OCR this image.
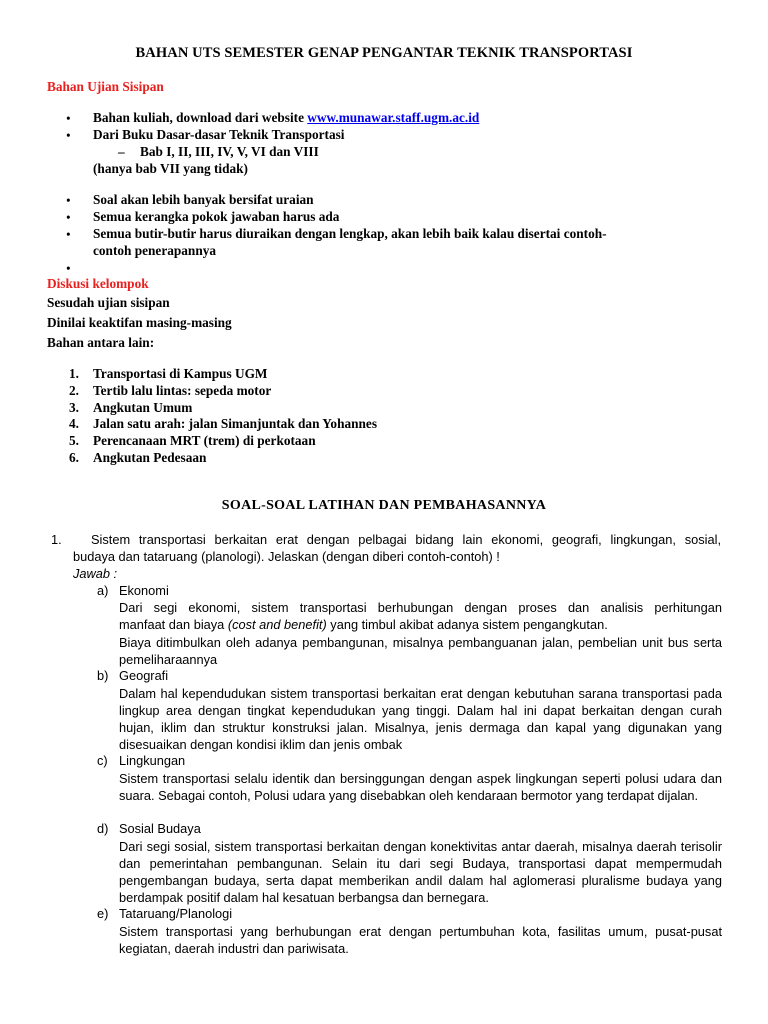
BAHAN UTS SEMESTER GENAP PENGANTAR TEKNIK TRANSPORTASI
Bahan Ujian Sisipan
• Bahan kuliah, download dari website www.munawar.staff.ugm.ac.id
• Dari Buku Dasar-dasar Teknik Transportasi
– Bab I, II, III, IV, V, VI dan VIII
(hanya bab VII yang tidak)
• Soal akan lebih banyak bersifat uraian
• Semua kerangka pokok jawaban harus ada
• Semua butir-butir harus diuraikan dengan lengkap, akan lebih baik kalau disertai contoh-
contoh penerapannya
•
Diskusi kelompok
Sesudah ujian sisipan
Dinilai keaktifan masing-masing
Bahan antara lain:
1. Transportasi di Kampus UGM
2. Tertib lalu lintas: sepeda motor
3. Angkutan Umum
4. Jalan satu arah: jalan Simanjuntak dan Yohannes
5. Perencanaan MRT (trem) di perkotaan
6. Angkutan Pedesaan
SOAL-SOAL LATIHAN DAN PEMBAHASANNYA
1. Sistem transportasi berkaitan erat dengan pelbagai bidang lain ekonomi, geografi, lingkungan, sosial,
budaya dan tataruang (planologi). Jelaskan (dengan diberi contoh-contoh) !
Jawab :
a) Ekonomi
Dari segi ekonomi, sistem transportasi berhubungan dengan proses dan analisis perhitungan
manfaat dan biaya (cost and benefit) yang timbul akibat adanya sistem pengangkutan.
Biaya ditimbulkan oleh adanya pembangunan, misalnya pembanguanan jalan, pembelian unit bus serta pemeliharaannya
b) Geografi
Dalam hal kependudukan sistem transportasi berkaitan erat dengan kebutuhan sarana transportasi pada lingkup area dengan tingkat kependudukan yang tinggi. Dalam hal ini dapat berkaitan dengan curah hujan, iklim dan struktur konstruksi jalan. Misalnya, jenis dermaga dan kapal yang digunakan yang disesuaikan dengan kondisi iklim dan jenis ombak
c) Lingkungan
Sistem transportasi selalu identik dan bersinggungan dengan aspek lingkungan seperti polusi udara dan suara. Sebagai contoh, Polusi udara yang disebabkan oleh kendaraan bermotor yang terdapat dijalan.
d) Sosial Budaya
Dari segi sosial, sistem transportasi berkaitan dengan konektivitas antar daerah, misalnya daerah terisolir dan pemerintahan pembangunan. Selain itu dari segi Budaya, transportasi dapat mempermudah pengembangan budaya, serta dapat memberikan andil dalam hal aglomerasi pluralisme budaya yang berdampak positif dalam hal kesatuan berbangsa dan bernegara.
e) Tataruang/Planologi
Sistem transportasi yang berhubungan erat dengan pertumbuhan kota, fasilitas umum, pusat-pusat kegiatan, daerah industri dan pariwisata.
